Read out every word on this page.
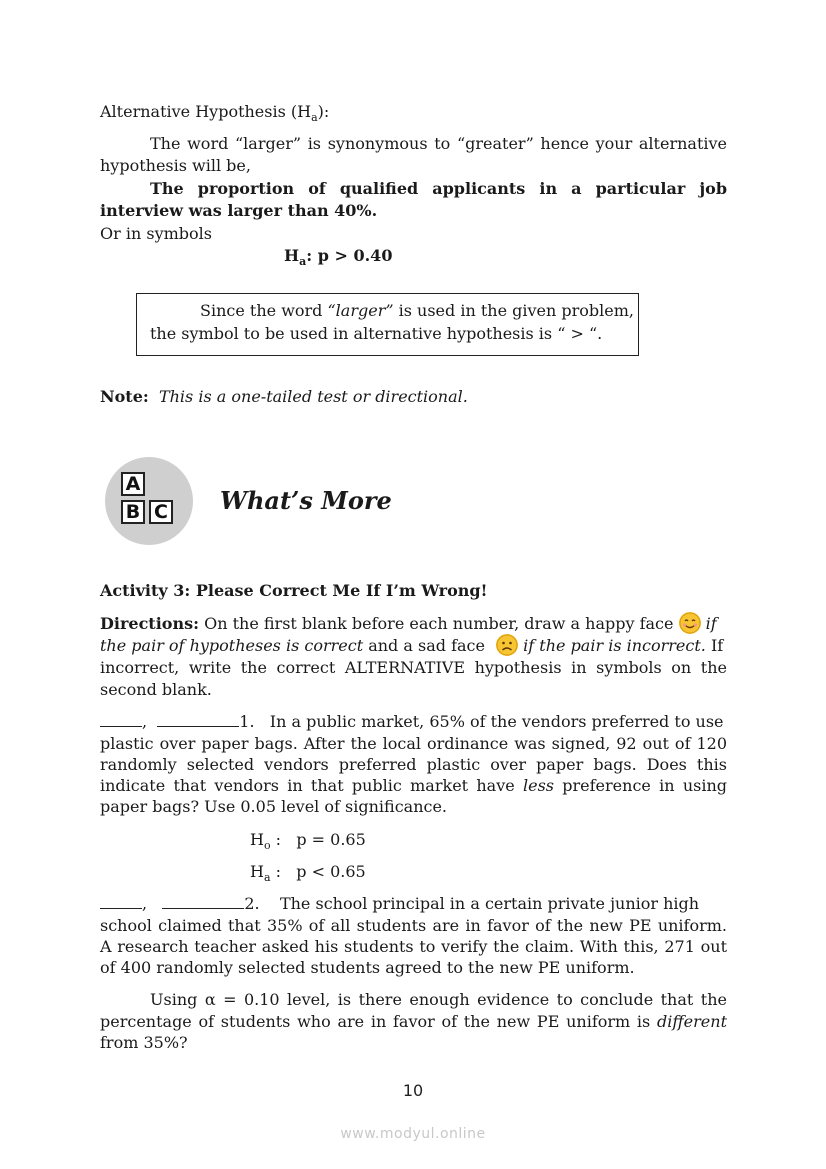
Alternative Hypothesis $(H_a)$:
The word “larger” is synonymous to “greater” hence your alternative
hypothesis will be,
The proportion of qualified applicants in a particular job
interview was larger than 40%.
Or in symbols
$H_a$: p > 0.40
Since the word “larger” is used in the given problem,
the symbol to be used in alternative hypothesis is “ > “.
Note: This is a one-tailed test or directional.
A
B C What’s More
Activity 3: Please Correct Me If I’m Wrong!
Directions: On the first blank before each number, draw a happy face  if
the pair of hypotheses is correct and a sad face  if the pair is incorrect. If
incorrect, write the correct ALTERNATIVE hypothesis in symbols on the
second blank.
,	1. In a public market, 65% of the vendors preferred to use
plastic over paper bags. After the local ordinance was signed, 92 out of 120
randomly selected vendors preferred plastic over paper bags. Does this
indicate that vendors in that public market have less preference in using
paper bags? Use 0.05 level of significance.
$H_o$ :   p = 0.65
$H_a$ :   p < 0.65
,	2. The school principal in a certain private junior high
school claimed that 35% of all students are in favor of the new PE uniform.
A research teacher asked his students to verify the claim. With this, 271 out
of 400 randomly selected students agreed to the new PE uniform.
Using α = 0.10 level, is there enough evidence to conclude that the
percentage of students who are in favor of the new PE uniform is different
from 35%?
10
www.modyul.online
